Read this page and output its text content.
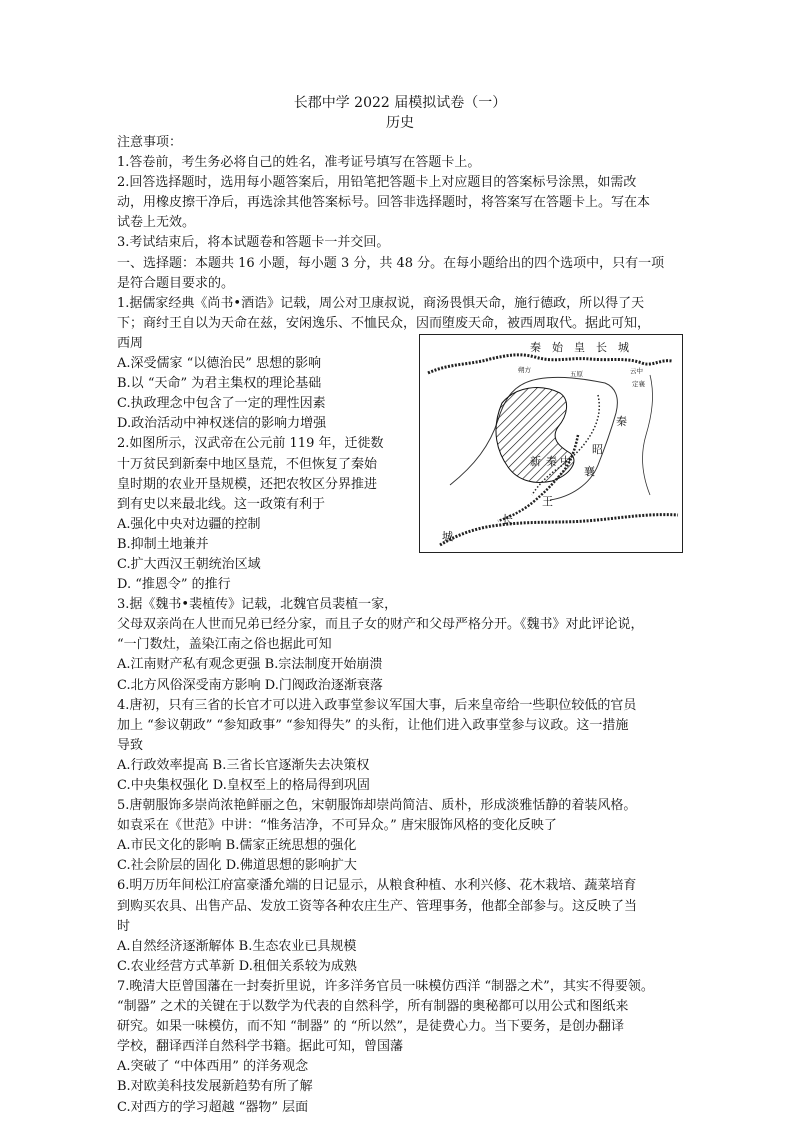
长郡中学 2022 届模拟试卷（一）
历史
注意事项：
1.答卷前，考生务必将自己的姓名，准考证号填写在答题卡上。
2.回答选择题时，选用每小题答案后，用铅笔把答题卡上对应题目的答案标号涂黑，如需改
动，用橡皮擦干净后，再选涂其他答案标号。回答非选择题时，将答案写在答题卡上。写在本
试卷上无效。
3.考试结束后，将本试题卷和答题卡一并交回。
一、选择题：本题共 16 小题，每小题 3 分，共 48 分。在每小题给出的四个选项中，只有一项
是符合题目要求的。
1.据儒家经典《尚书•酒诰》记载，周公对卫康叔说，商汤畏惧天命，施行德政，所以得了天
下；商纣王自以为天命在兹，安闲逸乐、不恤民众，因而堕废天命，被西周取代。据此可知，
秦　始　皇　长　城
朔方	五原	云中
定襄
秦
新 秦 中
昭
襄
王
长
城
西周
A.深受儒家 “以德治民” 思想的影响
B.以 “天命” 为君主集权的理论基础
C.执政理念中包含了一定的理性因素
D.政治活动中神权迷信的影响力增强
2.如图所示，汉武帝在公元前 119 年，迁徙数
十万贫民到新秦中地区垦荒，不但恢复了秦始
皇时期的农业开垦规模，还把农牧区分界推进
到有史以来最北线。这一政策有利于
A.强化中央对边疆的控制
B.抑制土地兼并
C.扩大西汉王朝统治区域
D. “推恩令” 的推行
3.据《魏书•裴植传》记载，北魏官员裴植一家，
父母双亲尚在人世而兄弟已经分家，而且子女的财产和父母严格分开。《魏书》对此评论说，
“一门数灶，盖染江南之俗也据此可知
A.江南财产私有观念更强 B.宗法制度开始崩溃
C.北方风俗深受南方影响 D.门阀政治逐渐衰落
4.唐初，只有三省的长官才可以进入政事堂参议军国大事，后来皇帝给一些职位较低的官员
加上 “参议朝政” “参知政事” “参知得失” 的头衔，让他们进入政事堂参与议政。这一措施
导致
A.行政效率提高 B.三省长官逐渐失去决策权
C.中央集权强化 D.皇权至上的格局得到巩固
5.唐朝服饰多崇尚浓艳鲜丽之色，宋朝服饰却崇尚简洁、质朴，形成淡雅恬静的着装风格。
如袁采在《世范》中讲：“惟务洁净，不可异众。” 唐宋服饰风格的变化反映了
A.市民文化的影响 B.儒家正统思想的强化
C.社会阶层的固化 D.佛道思想的影响扩大
6.明万历年间松江府富豪潘允端的日记显示，从粮食种植、水利兴修、花木栽培、蔬菜培育
到购买农具、出售产品、发放工资等各种农庄生产、管理事务，他都全部参与。这反映了当
时
A.自然经济逐渐解体 B.生态农业已具规模
C.农业经营方式革新 D.租佃关系较为成熟
7.晚清大臣曾国藩在一封奏折里说，许多洋务官员一味模仿西洋 “制器之术”，其实不得要领。
“制器” 之术的关键在于以数学为代表的自然科学，所有制器的奥秘都可以用公式和图纸来
研究。如果一味模仿，而不知 “制器” 的 “所以然”，是徒费心力。当下要务，是创办翻译
学校，翻译西洋自然科学书籍。据此可知，曾国藩
A.突破了 “中体西用” 的洋务观念
B.对欧美科技发展新趋势有所了解
C.对西方的学习超越 “器物” 层面
